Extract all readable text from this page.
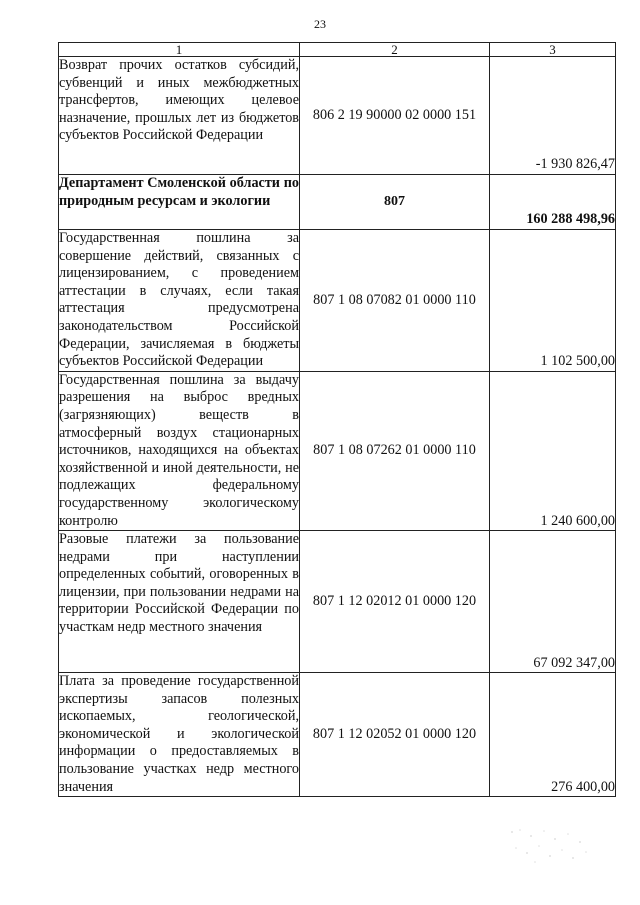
23
1	2	3
Возврат прочих остатков субсидий, субвенций и иных межбюджетных трансфертов, имеющих целевое назначение, прошлых лет из бюджетов субъектов Российской Федерации	806 2 19 90000 02 0000 151	-1 930 826,47
Департамент Смоленской области по природным ресурсам и экологии	807	160 288 498,96
Государственная пошлина за совершение действий, связанных с лицензированием, с проведением аттестации в случаях, если такая аттестация предусмотрена законодательством Российской Федерации, зачисляемая в бюджеты субъектов Российской Федерации	807 1 08 07082 01 0000 110	1 102 500,00
Государственная пошлина за выдачу разрешения на выброс вредных (загрязняющих) веществ в атмосферный воздух стационарных источников, находящихся на объектах хозяйственной и иной деятельности, не подлежащих федеральному государственному экологическому контролю	807 1 08 07262 01 0000 110	1 240 600,00
Разовые платежи за пользование недрами при наступлении определенных событий, оговоренных в лицензии, при пользовании недрами на территории Российской Федерации по участкам недр местного значения	807 1 12 02012 01 0000 120	67 092 347,00
Плата за проведение государственной экспертизы запасов полезных ископаемых, геологической, экономической и экологической информации о предоставляемых в пользование участках недр местного значения	807 1 12 02052 01 0000 120	276 400,00
